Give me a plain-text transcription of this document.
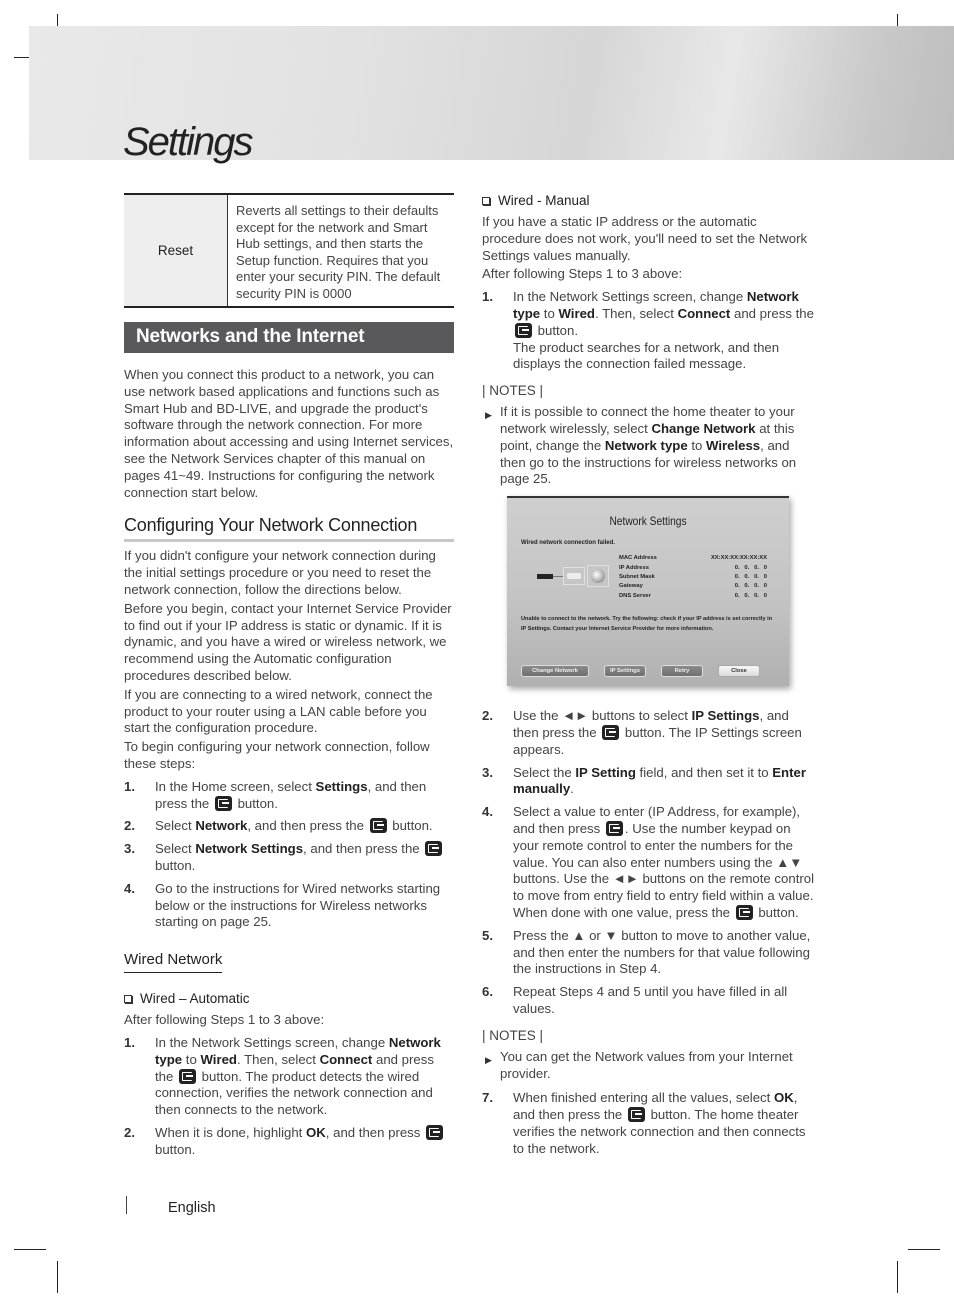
Settings
Reset
Reverts all settings to their defaults except for the network and Smart Hub settings, and then starts the Setup function. Requires that you enter your security PIN. The default security PIN is 0000
Networks and the Internet

When you connect this product to a network, you can use network based applications and functions such as Smart Hub and BD-LIVE, and upgrade the product's software through the network connection. For more information about accessing and using Internet services, see the Network Services chapter of this manual on pages 41~49. Instructions for configuring the network connection start below.

Configuring Your Network Connection

If you didn't configure your network connection during the initial settings procedure or you need to reset the network connection, follow the directions below.

Before you begin, contact your Internet Service Provider to find out if your IP address is static or dynamic. If it is dynamic, and you have a wired or wireless network, we recommend using the Automatic configuration procedures described below.

If you are connecting to a wired network, connect the product to your router using a LAN cable before you start the configuration procedure.

To begin configuring your network connection, follow these steps:

1.	In the Home screen, select Settings, and then press the  button.
2.	Select Network, and then press the  button.
3.	Select Network Settings, and then press the  button.
4.	Go to the instructions for Wired networks starting below or the instructions for Wireless networks starting on page 25.
Wired Network
Wired – Automatic

After following Steps 1 to 3 above:

1.	In the Network Settings screen, change Network type to Wired. Then, select Connect and press the  button. The product detects the wired connection, verifies the network connection and then connects to the network.
2.	When it is done, highlight OK, and then press  button.
Wired - Manual

If you have a static IP address or the automatic procedure does not work, you'll need to set the Network Settings values manually.

After following Steps 1 to 3 above:

1.	In the Network Settings screen, change Network type to Wired. Then, select Connect and press the  button.
The product searches for a network, and then displays the connection failed message.
| NOTES |
▶ If it is possible to connect the home theater to your network wirelessly, select Change Network at this point, change the Network type to Wireless, and then go to the instructions for wireless networks on page 25.
Network Settings
Wired network connection failed.
MAC Address	XX:XX:XX:XX:XX:XX
IP Address	0.   0.   0.   0
Subnet Mask	0.   0.   0.   0
Gateway	0.   0.   0.   0
DNS Server	0.   0.   0.   0
Unable to connect to the network. Try the following: check if your IP address is set correctly in IP Settings. Contact your Internet Service Provider for more information.
Change Network	IP Settings	Retry	Close
2.	Use the ◄► buttons to select IP Settings, and then press the  button. The IP Settings screen appears.
3.	Select the IP Setting field, and then set it to Enter manually.
4.	Select a value to enter (IP Address, for example), and then press . Use the number keypad on your remote control to enter the numbers for the value. You can also enter numbers using the ▲▼ buttons. Use the ◄► buttons on the remote control to move from entry field to entry field within a value. When done with one value, press the  button.
5.	Press the ▲ or ▼ button to move to another value, and then enter the numbers for that value following the instructions in Step 4.
6.	Repeat Steps 4 and 5 until you have filled in all values.
| NOTES |
▶ You can get the Network values from your Internet provider.
7.	When finished entering all the values, select OK, and then press the  button. The home theater verifies the network connection and then connects to the network.
English
